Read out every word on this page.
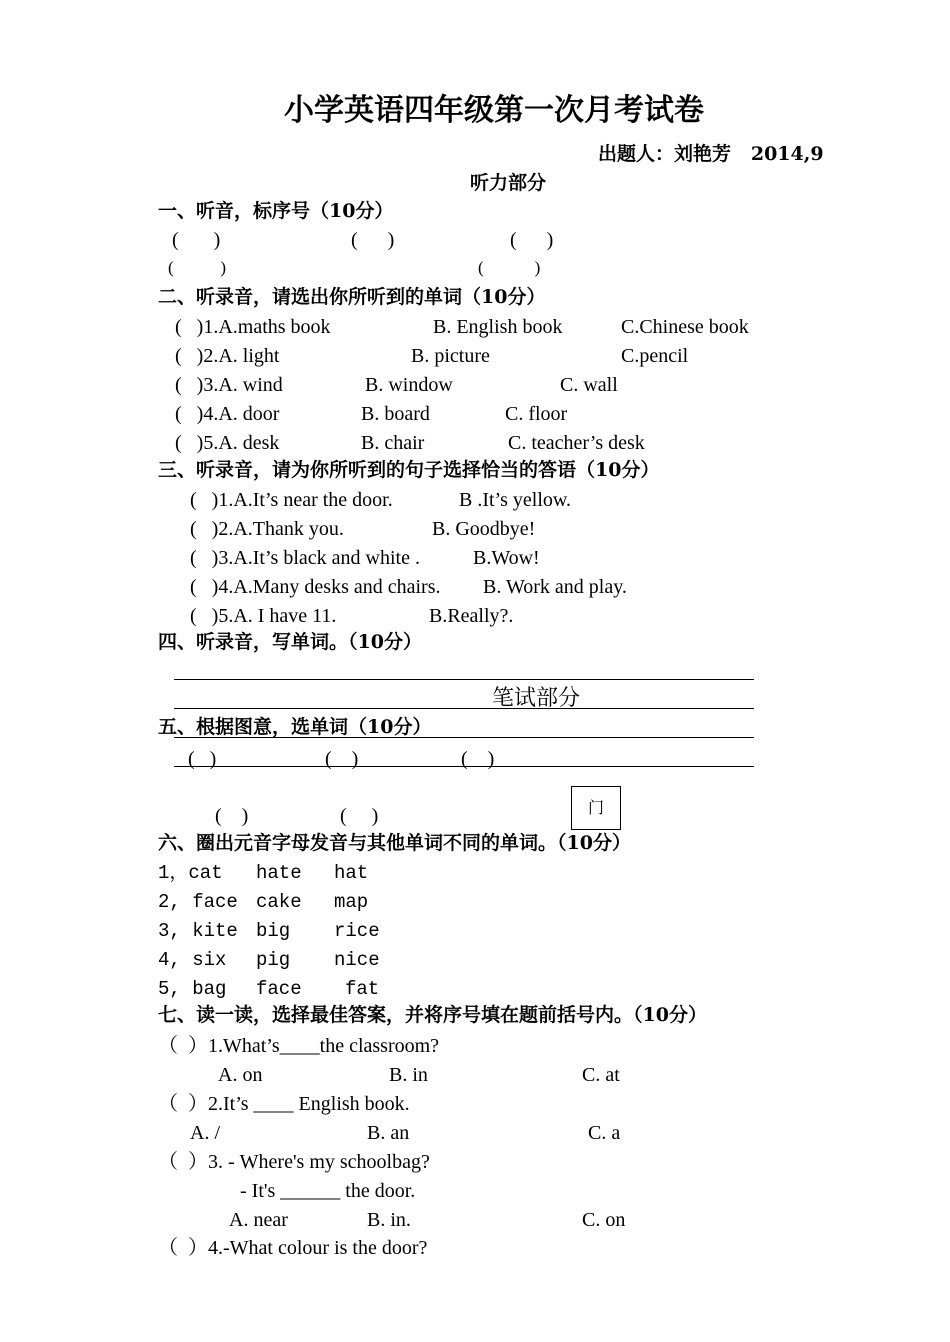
小学英语四年级第一次月考试卷
出题人：刘艳芳   2014,9
听力部分
一、听音，标序号（10分）
(       )	(      )	(      )
(           )	(            )
二、听录音，请选出你所听到的单词（10分）
(   )1.A.maths book	B. English book	C.Chinese book
(   )2.A. light	B. picture	C.pencil
(   )3.A. wind	B. window	C. wall
(   )4.A. door	B. board	C. floor
(   )5.A. desk	B. chair	C. teacher’s desk
三、听录音，请为你所听到的句子选择恰当的答语（10分）
(   )1.A.It’s near the door.	B .It’s yellow.
(   )2.A.Thank you.	B. Goodbye!
(   )3.A.It’s black and white .	B.Wow!
(   )4.A.Many desks and chairs. B. Work and play.
(   )5.A. I have 11.	B.Really?.
四、听录音，写单词。（10分）
笔试部分
五、根据图意，选单词（10分）
(   )	(    )	(    )
(    )	(     )	门
六、圈出元音字母发音与其他单词不同的单词。（10分）
1，cat hate hat
2, face cake map
3, kite big rice
4, six pig nice
5, bag face fat
七、读一读，选择最佳答案，并将序号填在题前括号内。（10分）
（  ）1.What’s____the classroom?
A. on	B. in	C. at
（  ）2.It’s ____ English book.
A. /	B. an	C. a
（  ）3. - Where's my schoolbag?
- It's ______ the door.
A. near	B. in.	C. on
（  ）4.-What colour is the door?
